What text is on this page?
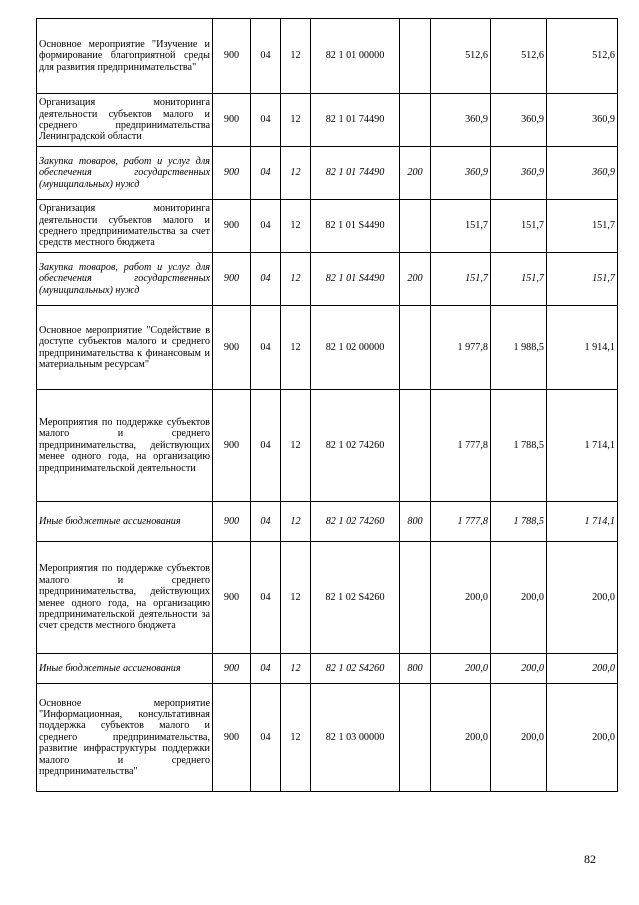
Основное мероприятие "Изучение и формирование благоприятной среды для развития предпринимательства"	900	04	12	82 1 01 00000		512,6	512,6	512,6
Организация мониторинга деятельности субъектов малого и среднего предпринимательства Ленинградской области	900	04	12	82 1 01 74490		360,9	360,9	360,9
Закупка товаров, работ и услуг для обеспечения государственных (муниципальных) нужд	900	04	12	82 1 01 74490	200	360,9	360,9	360,9
Организация мониторинга деятельности субъектов малого и среднего предпринимательства за счет средств местного бюджета	900	04	12	82 1 01 S4490		151,7	151,7	151,7
Закупка товаров, работ и услуг для обеспечения государственных (муниципальных) нужд	900	04	12	82 1 01 S4490	200	151,7	151,7	151,7
Основное мероприятие "Содействие в доступе субъектов малого и среднего предпринимательства к финансовым и материальным ресурсам"	900	04	12	82 1 02 00000		1 977,8	1 988,5	1 914,1
Мероприятия по поддержке субъектов малого и среднего предпринимательства, действующих менее одного года, на организацию предпринимательской деятельности	900	04	12	82 1 02 74260		1 777,8	1 788,5	1 714,1
Иные бюджетные ассигнования	900	04	12	82 1 02 74260	800	1 777,8	1 788,5	1 714,1
Мероприятия по поддержке субъектов малого и среднего предпринимательства, действующих менее одного года, на организацию предпринимательской деятельности за счет средств местного бюджета	900	04	12	82 1 02 S4260		200,0	200,0	200,0
Иные бюджетные ассигнования	900	04	12	82 1 02 S4260	800	200,0	200,0	200,0
Основное мероприятие "Информационная, консультативная поддержка субъектов малого и среднего предпринимательства, развитие инфраструктуры поддержки малого и среднего предпринимательства"	900	04	12	82 1 03 00000		200,0	200,0	200,0
82
